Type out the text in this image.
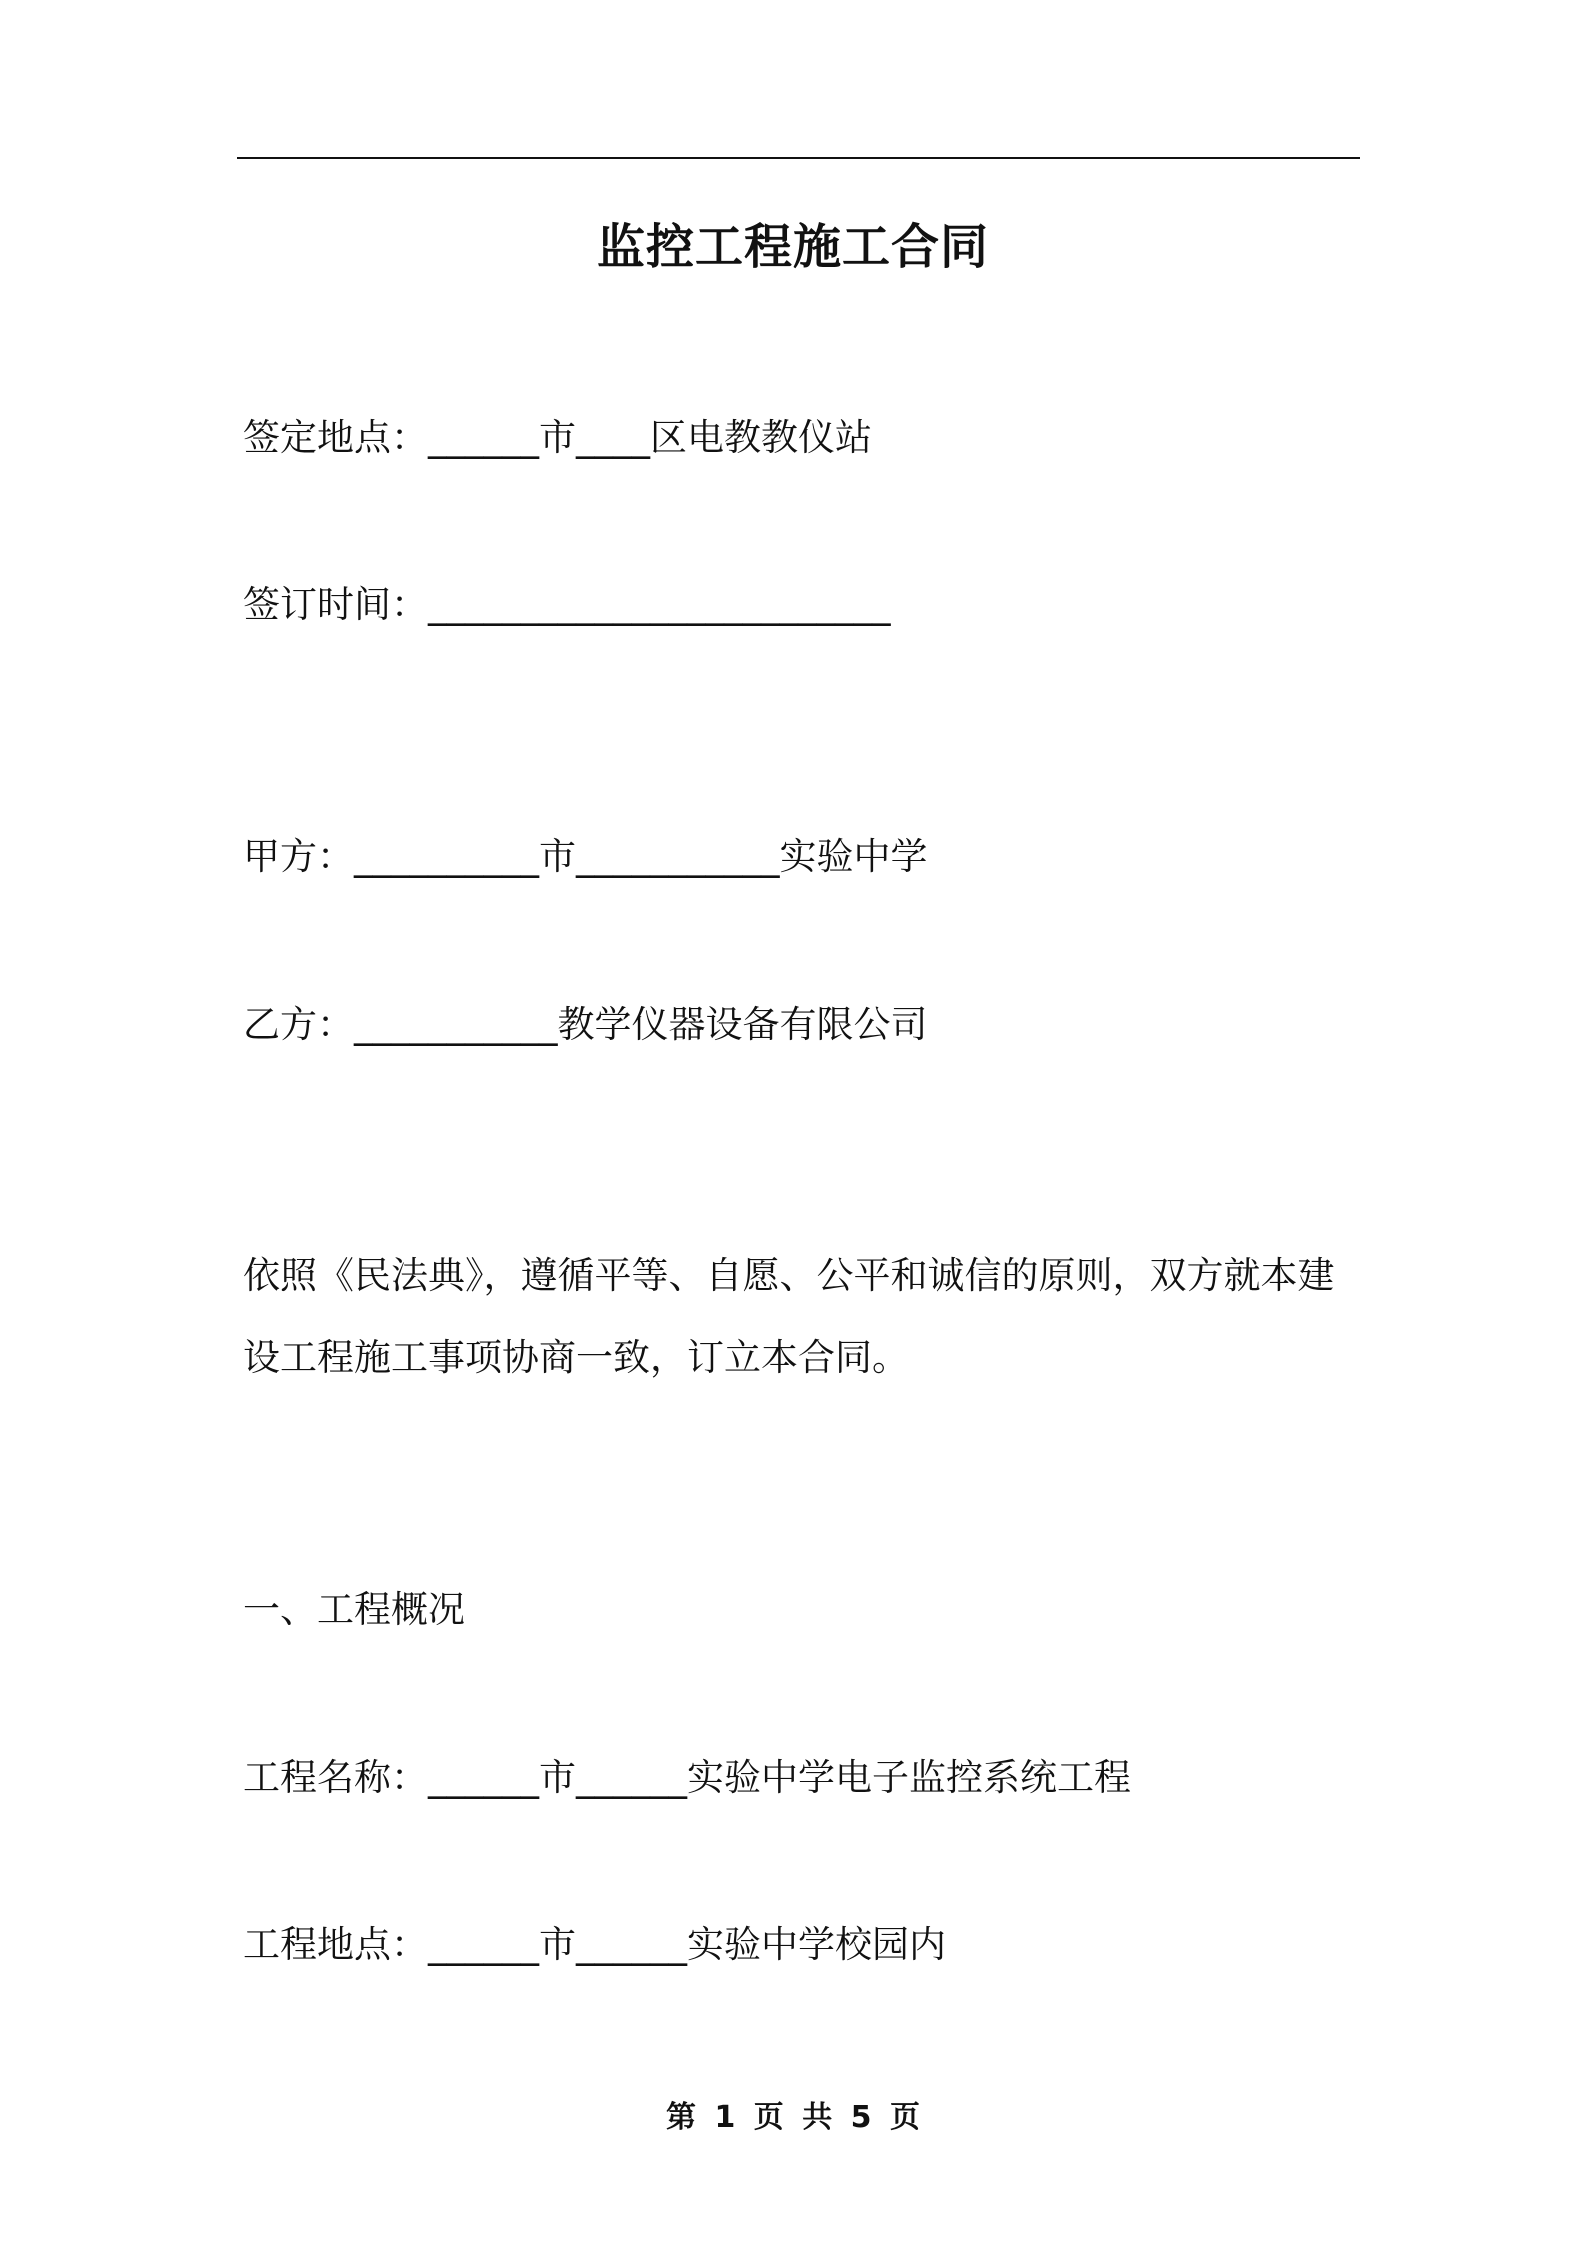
监控工程施工合同
签定地点：______市____区电教教仪站
签订时间：_________________________
甲方：__________市___________实验中学
乙方：___________教学仪器设备有限公司
依照《民法典》，遵循平等、自愿、公平和诚信的原则，双方就本建
设工程施工事项协商一致，订立本合同。
一、工程概况
工程名称：______市______实验中学电子监控系统工程
工程地点：______市______实验中学校园内
第 1 页 共 5 页
